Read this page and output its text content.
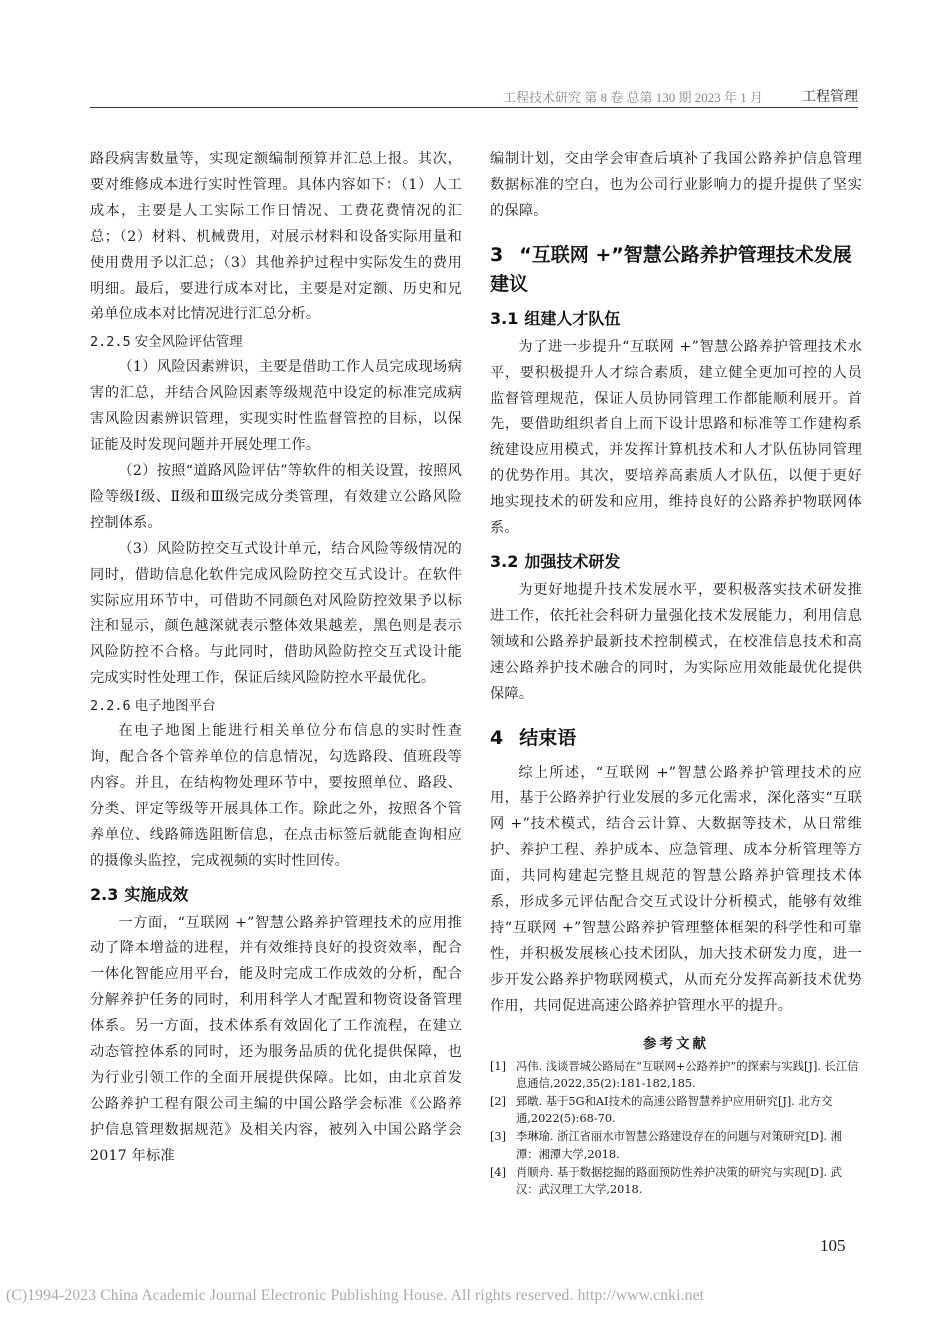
工程技术研究 第 8 卷 总第 130 期 2023 年 1 月	工程管理

路段病害数量等，实现定额编制预算并汇总上报。其次，要对维修成本进行实时性管理。具体内容如下：（1）人工成本，主要是人工实际工作日情况、工费花费情况的汇总；（2）材料、机械费用，对展示材料和设备实际用量和使用费用予以汇总；（3）其他养护过程中实际发生的费用明细。最后，要进行成本对比，主要是对定额、历史和兄弟单位成本对比情况进行汇总分析。

2.2.5 安全风险评估管理

（1）风险因素辨识，主要是借助工作人员完成现场病害的汇总，并结合风险因素等级规范中设定的标准完成病害风险因素辨识管理，实现实时性监督管控的目标，以保证能及时发现问题并开展处理工作。

（2）按照“道路风险评估”等软件的相关设置，按照风险等级Ⅰ级、Ⅱ级和Ⅲ级完成分类管理，有效建立公路风险控制体系。

（3）风险防控交互式设计单元，结合风险等级情况的同时，借助信息化软件完成风险防控交互式设计。在软件实际应用环节中，可借助不同颜色对风险防控效果予以标注和显示，颜色越深就表示整体效果越差，黑色则是表示风险防控不合格。与此同时，借助风险防控交互式设计能完成实时性处理工作，保证后续风险防控水平最优化。

2.2.6 电子地图平台

在电子地图上能进行相关单位分布信息的实时性查询，配合各个管养单位的信息情况，勾选路段、值班段等内容。并且，在结构物处理环节中，要按照单位、路段、分类、评定等级等开展具体工作。除此之外，按照各个管养单位、线路筛选阻断信息，在点击标签后就能查询相应的摄像头监控，完成视频的实时性回传。

2.3 实施成效

一方面，“互联网 +”智慧公路养护管理技术的应用推动了降本增益的进程，并有效维持良好的投资效率，配合一体化智能应用平台，能及时完成工作成效的分析，配合分解养护任务的同时，利用科学人才配置和物资设备管理体系。另一方面，技术体系有效固化了工作流程，在建立动态管控体系的同时，还为服务品质的优化提供保障，也为行业引领工作的全面开展提供保障。比如，由北京首发公路养护工程有限公司主编的中国公路学会标准《公路养护信息管理数据规范》及相关内容，被列入中国公路学会 2017 年标准

编制计划，交由学会审查后填补了我国公路养护信息管理数据标准的空白，也为公司行业影响力的提升提供了坚实的保障。

3 “互联网 +”智慧公路养护管理技术发展建议
3.1 组建人才队伍

为了进一步提升“互联网 +”智慧公路养护管理技术水平，要积极提升人才综合素质，建立健全更加可控的人员监督管理规范，保证人员协同管理工作都能顺利展开。首先，要借助组织者自上而下设计思路和标准等工作建构系统建设应用模式，并发挥计算机技术和人才队伍协同管理的优势作用。其次，要培养高素质人才队伍，以便于更好地实现技术的研发和应用，维持良好的公路养护物联网体系。

3.2 加强技术研发

为更好地提升技术发展水平，要积极落实技术研发推进工作，依托社会科研力量强化技术发展能力，利用信息领域和公路养护最新技术控制模式，在校准信息技术和高速公路养护技术融合的同时，为实际应用效能最优化提供保障。

4 结束语

综上所述，“互联网 +”智慧公路养护管理技术的应用，基于公路养护行业发展的多元化需求，深化落实“互联网 +”技术模式，结合云计算、大数据等技术，从日常维护、养护工程、养护成本、应急管理、成本分析管理等方面，共同构建起完整且规范的智慧公路养护管理技术体系，形成多元评估配合交互式设计分析模式，能够有效维持“互联网 +”智慧公路养护管理整体框架的科学性和可靠性，并积极发展核心技术团队，加大技术研发力度，进一步开发公路养护物联网模式，从而充分发挥高新技术优势作用，共同促进高速公路养护管理水平的提升。

参考文献
[1] 冯伟. 浅谈晋城公路局在“互联网+公路养护”的探索与实践[J]. 长江信息通信,2022,35(2):181-182,185.
[2] 郅暾. 基于5G和AI技术的高速公路智慧养护应用研究[J]. 北方交通,2022(5):68-70.
[3] 李琳瑜. 浙江省丽水市智慧公路建设存在的问题与对策研究[D]. 湘潭：湘潭大学,2018.
[4] 肖顺舟. 基于数据挖掘的路面预防性养护决策的研究与实现[D]. 武汉：武汉理工大学,2018.
105
(C)1994-2023 China Academic Journal Electronic Publishing House. All rights reserved. http://www.cnki.net
